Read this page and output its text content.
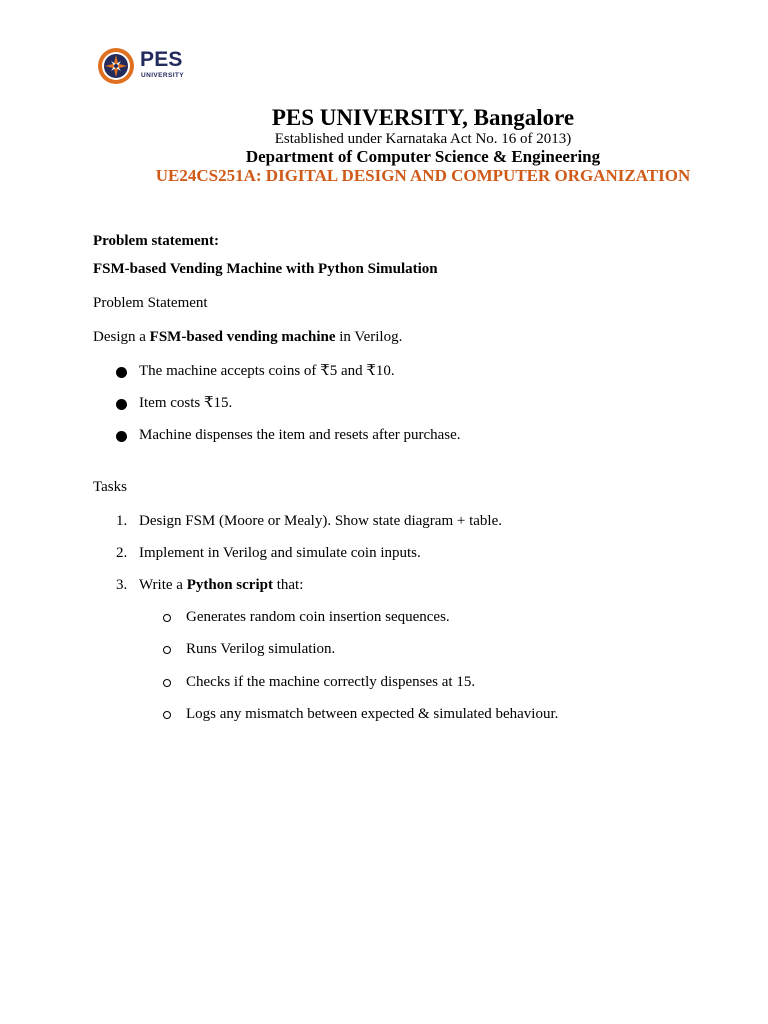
PES
UNIVERSITY
PES UNIVERSITY, Bangalore
Established under Karnataka Act No. 16 of 2013)
Department of Computer Science & Engineering
UE24CS251A: DIGITAL DESIGN AND COMPUTER ORGANIZATION
Problem statement:
FSM-based Vending Machine with Python Simulation
Problem Statement
Design a FSM-based vending machine in Verilog.
The machine accepts coins of ₹5 and ₹10.
Item costs ₹15.
Machine dispenses the item and resets after purchase.
Tasks
1. Design FSM (Moore or Mealy). Show state diagram + table.
2. Implement in Verilog and simulate coin inputs.
3. Write a Python script that:
Generates random coin insertion sequences.
Runs Verilog simulation.
Checks if the machine correctly dispenses at 15.
Logs any mismatch between expected & simulated behaviour.
